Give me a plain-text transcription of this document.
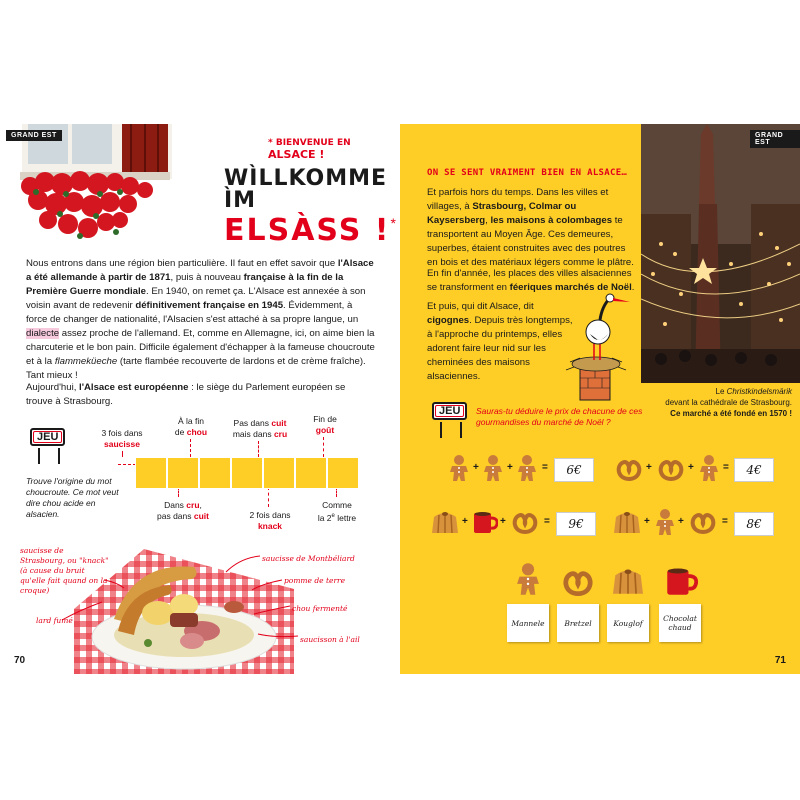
GRAND EST
* BIENVENUE EN ALSACE !
WÌLLKOMME ÌM
ELSÀSS !*

Nous entrons dans une région bien particulière. Il faut en effet savoir que l'Alsace a été allemande à partir de 1871, puis à nouveau française à la fin de la Première Guerre mondiale. En 1940, on remet ça. L'Alsace est annexée à son voisin avant de redevenir définitivement française en 1945. Évidemment, à force de changer de nationalité, l'Alsacien s'est attaché à sa propre langue, un dialecte assez proche de l'allemand. Et, comme en Allemagne, ici, on aime bien la charcuterie et le bon pain. Difficile également d'échapper à la fameuse choucroute et à la flammeküeche (tarte flambée recouverte de lardons et de crème fraîche). Tant mieux !

Aujourd'hui, l'Alsace est européenne : le siège du Parlement européen se trouve à Strasbourg.

JEU

Trouve l'origine du mot choucroute. Ce mot veut dire chou acide en alsacien.

3 fois dans
saucisse
À la fin
de chou
Pas dans cuit
mais dans cru
Fin de
goût
Dans cru,
pas dans cuit	2 fois dans
knack
Comme
la 2e lettre
saucisse de Strasbourg, ou "knack" (à cause du bruit qu'elle fait quand on la croque)
lard fumé
saucisse de Montbéliard
pomme de terre
chou fermenté
saucisson à l'ail
70
GRAND EST
ON SE SENT VRAIMENT BIEN EN ALSACE…

Et parfois hors du temps. Dans les villes et villages, à Strasbourg, Colmar ou Kaysersberg, les maisons à colombages te transportent au Moyen Âge. Ces demeures, superbes, étaient construites avec des poutres en bois et des matériaux légers comme le plâtre.

En fin d'année, les places des villes alsaciennes se transforment en féeriques marchés de Noël.

Et puis, qui dit Alsace, dit cigognes. Depuis très longtemps, à l'approche du printemps, elles adorent faire leur nid sur les cheminées des maisons alsaciennes.

Le Christkindelsmärik
devant la cathédrale de Strasbourg.
Ce marché a été fondé en 1570 !

JEU	Sauras-tu déduire le prix de chacune de ces gourmandises du marché de Noël ?

+	+	=	6€	+	+	=	4€
+	+	=	9€	+	+	=	8€
Mannele	Bretzel	Kouglof	Chocolat chaud
71
